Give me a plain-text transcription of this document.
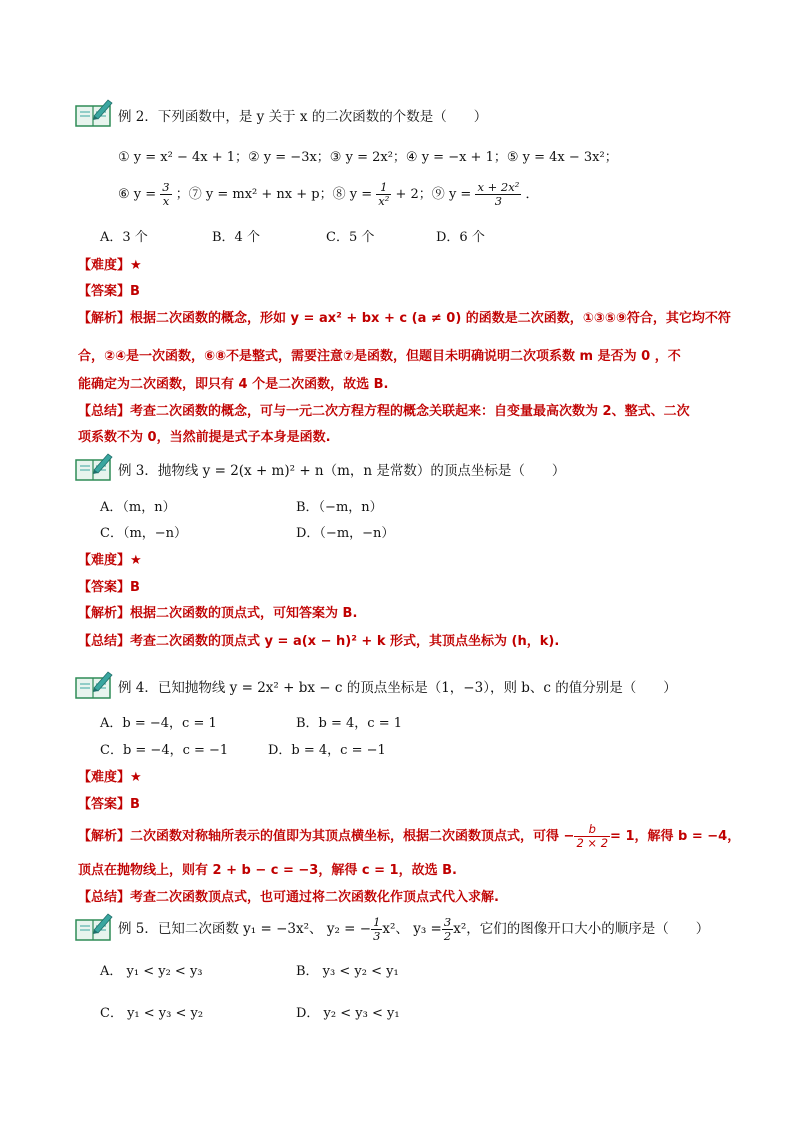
例 2．下列函数中，是 y 关于 x 的二次函数的个数是（　　）
① y = x² − 4x + 1；② y = −3x；③ y = 2x²；④ y = −x + 1；⑤ y = 4x − 3x²；
⑥ $y = \frac{3}{x}$ ；⑦ y = mx² + nx + p；⑧ $y = \frac{1}{\text{x²}} + 2$；⑨ $y = \frac{\text{x + 2x²}}{3}$ ．
A．3 个	B．4 个	C．5 个	D．6 个
【难度】★
【答案】B
【解析】根据二次函数的概念，形如 y = ax² + bx + c (a ≠ 0) 的函数是二次函数，①③⑤⑨符合，其它均不符
合，②④是一次函数，⑥⑧不是整式，需要注意⑦是函数，但题目未明确说明二次项系数 m 是否为 0 ，不
能确定为二次函数，即只有 4 个是二次函数，故选 B.
【总结】考查二次函数的概念，可与一元二次方程方程的概念关联起来：自变量最高次数为 2、整式、二次
项系数不为 0，当然前提是式子本身是函数.
例 3．抛物线 y = 2(x + m)² + n（m，n 是常数）的顶点坐标是（　　）
A．（m，n）	B．（−m，n）
C．（m，−n）	D．（−m，−n）
【难度】★
【答案】B
【解析】根据二次函数的顶点式，可知答案为 B.
【总结】考查二次函数的顶点式 y = a(x − h)² + k 形式，其顶点坐标为 (h，k).
例 4．已知抛物线 y = 2x² + bx − c 的顶点坐标是（1，−3），则 b、c 的值分别是（　　）
A．b = −4，c = 1	B．b = 4，c = 1
C．b = −4，c = −1	D．b = 4，c = −1
【难度】★
【答案】B
【解析】二次函数对称轴所表示的值即为其顶点横坐标，根据二次函数顶点式，可得 − $\frac{b}{2 \times 2} = 1$，解得 b = −4，
顶点在抛物线上，则有 2 + b − c = −3，解得 c = 1，故选 B.
【总结】考查二次函数顶点式，也可通过将二次函数化作顶点式代入求解.
例 5．已知二次函数 y₁ = −3x²、 y₂ = − $\frac{1}{3} x^2$、 $y_3 = \frac{3}{2} x^2$，它们的图像开口大小的顺序是（　　）
A． y₁ < y₂ < y₃	B． y₃ < y₂ < y₁
C． y₁ < y₃ < y₂	D． y₂ < y₃ < y₁
